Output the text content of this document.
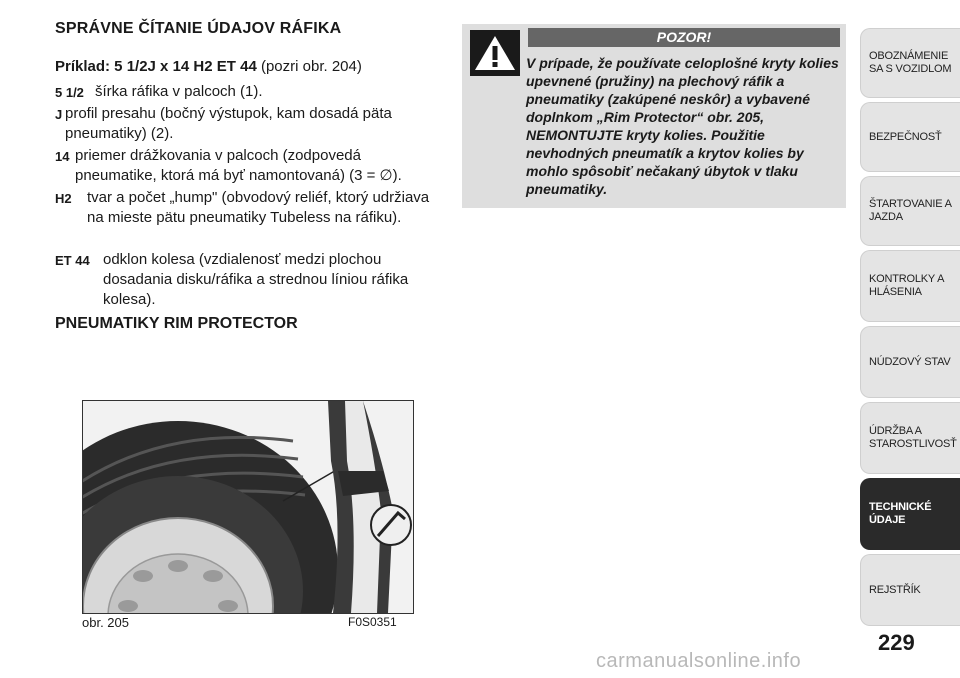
SPRÁVNE ČÍTANIE ÚDAJOV RÁFIKA
Príklad: 5 1/2J x 14 H2 ET 44 (pozri obr. 204)
5 1/2 šírka ráfika v palcoch (1).
J profil presahu (bočný výstupok, kam dosadá päta pneumatiky) (2).
14 priemer drážkovania v palcoch (zodpovedá pneumatike, ktorá má byť namontovaná) (3 = ∅).
H2 tvar a počet „hump" (obvodový reliéf, ktorý udržiava na mieste pätu pneumatiky Tubeless na ráfiku).
ET 44 odklon kolesa (vzdialenosť medzi plochou dosadania disku/ráfika a strednou líniou ráfika kolesa).
PNEUMATIKY RIM PROTECTOR
obr. 205	F0S0351
POZOR!
V prípade, že používate celoplošné kryty kolies upevnené (pružiny) na plechový ráfik a pneumatiky (zakúpené neskôr) a vybavené doplnkom „Rim Protector“ obr. 205, NEMONTUJTE kryty kolies. Použitie nevhodných pneumatík a krytov kolies by mohlo spôsobiť nečakaný úbytok v tlaku pneumatiky.
OBOZNÁMENIE SA S VOZIDLOM
BEZPEČNOSŤ
ŠTARTOVANIE A JAZDA
KONTROLKY A HLÁSENIA
NÚDZOVÝ STAV
ÚDRŽBA A STAROSTLIVOSŤ
TECHNICKÉ ÚDAJE
REJSTŘÍK
229
carmanualsonline.info
